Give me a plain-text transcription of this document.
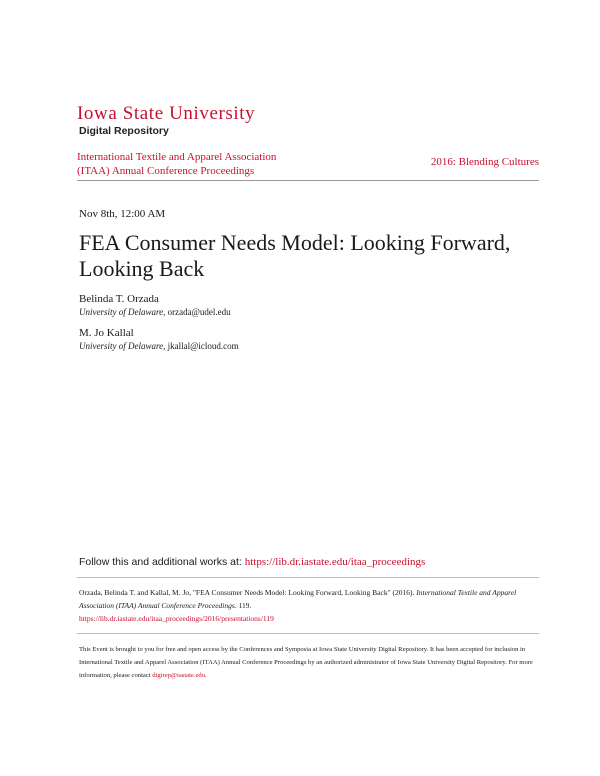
Iowa State University
Digital Repository
International Textile and Apparel Association
(ITAA) Annual Conference Proceedings
2016: Blending Cultures
Nov 8th, 12:00 AM
FEA Consumer Needs Model: Looking Forward, Looking Back
Belinda T. Orzada
University of Delaware, orzada@udel.edu
M. Jo Kallal
University of Delaware, jkallal@icloud.com
Follow this and additional works at: https://lib.dr.iastate.edu/itaa_proceedings
Orzada, Belinda T. and Kallal, M. Jo, "FEA Consumer Needs Model: Looking Forward, Looking Back" (2016). International Textile and Apparel Association (ITAA) Annual Conference Proceedings. 119.
https://lib.dr.iastate.edu/itaa_proceedings/2016/presentations/119
This Event is brought to you for free and open access by the Conferences and Symposia at Iowa State University Digital Repository. It has been accepted for inclusion in International Textile and Apparel Association (ITAA) Annual Conference Proceedings by an authorized administrator of Iowa State University Digital Repository. For more information, please contact digirep@iastate.edu.
